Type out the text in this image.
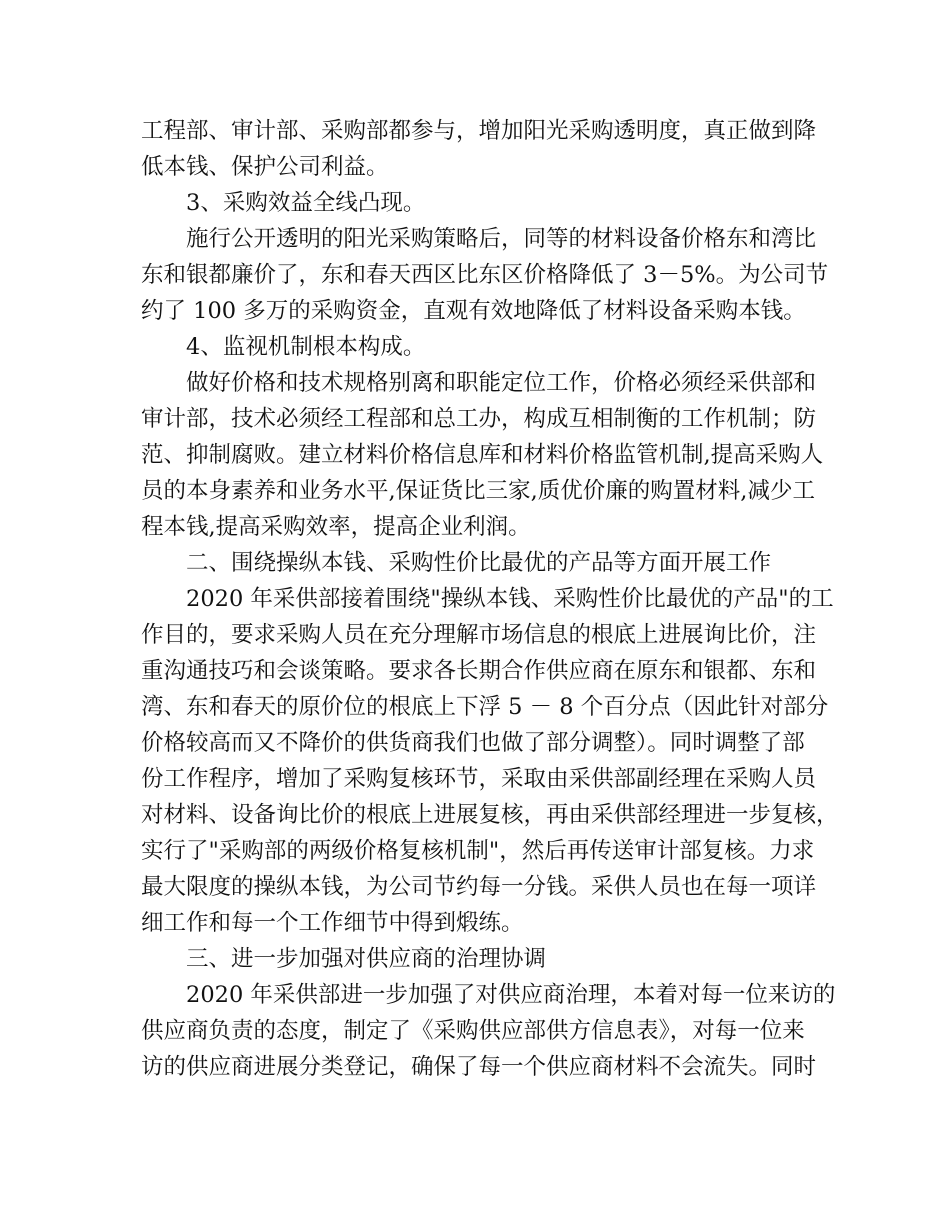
工程部、审计部、采购部都参与，增加阳光采购透明度，真正做到降
低本钱、保护公司利益。
3、采购效益全线凸现。
施行公开透明的阳光采购策略后，同等的材料设备价格东和湾比
东和银都廉价了，东和春天西区比东区价格降低了 3－5%。为公司节
约了 100 多万的采购资金，直观有效地降低了材料设备采购本钱。
4、监视机制根本构成。
做好价格和技术规格别离和职能定位工作，价格必须经采供部和
审计部，技术必须经工程部和总工办，构成互相制衡的工作机制；防
范、抑制腐败。建立材料价格信息库和材料价格监管机制,提高采购人
员的本身素养和业务水平,保证货比三家,质优价廉的购置材料,减少工
程本钱,提高采购效率，提高企业利润。
二、围绕操纵本钱、采购性价比最优的产品等方面开展工作
2020 年采供部接着围绕"操纵本钱、采购性价比最优的产品"的工
作目的，要求采购人员在充分理解市场信息的根底上进展询比价，注
重沟通技巧和会谈策略。要求各长期合作供应商在原东和银都、东和
湾、东和春天的原价位的根底上下浮 5 － 8 个百分点（因此针对部分
价格较高而又不降价的供货商我们也做了部分调整）。同时调整了部
份工作程序，增加了采购复核环节，采取由采供部副经理在采购人员
对材料、设备询比价的根底上进展复核，再由采供部经理进一步复核，
实行了"采购部的两级价格复核机制"，然后再传送审计部复核。力求
最大限度的操纵本钱，为公司节约每一分钱。采供人员也在每一项详
细工作和每一个工作细节中得到煅练。
三、进一步加强对供应商的治理协调
2020 年采供部进一步加强了对供应商治理，本着对每一位来访的
供应商负责的态度，制定了《采购供应部供方信息表》，对每一位来
访的供应商进展分类登记，确保了每一个供应商材料不会流失。同时
